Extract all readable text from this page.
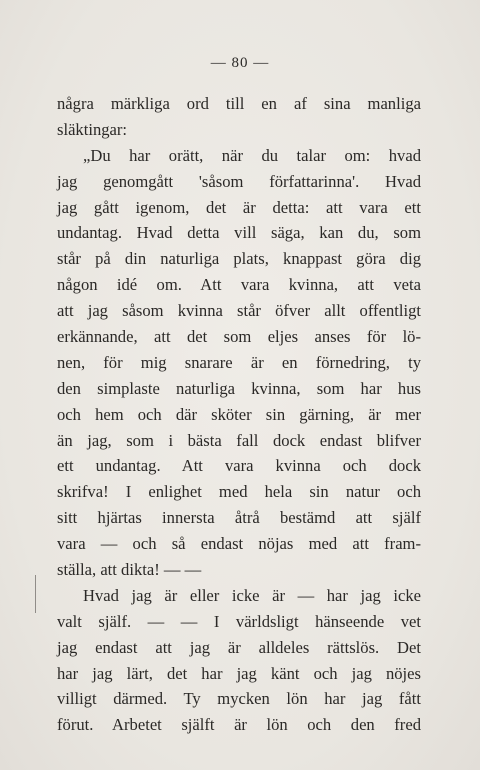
— 80 —
några märkliga ord till en af sina manliga
släktingar:
„Du har orätt, när du talar om: hvad
jag genomgått 'såsom författarinna'. Hvad
jag gått igenom, det är detta: att vara ett
undantag. Hvad detta vill säga, kan du, som
står på din naturliga plats, knappast göra dig
någon idé om. Att vara kvinna, att veta
att jag såsom kvinna står öfver allt offentligt
erkännande, att det som eljes anses för lö-
nen, för mig snarare är en förnedring, ty
den simplaste naturliga kvinna, som har hus
och hem och där sköter sin gärning, är mer
än jag, som i bästa fall dock endast blifver
ett undantag. Att vara kvinna och dock
skrifva! I enlighet med hela sin natur och
sitt hjärtas innersta åtrå bestämd att själf
vara — och så endast nöjas med att fram-
ställa, att dikta! — —
Hvad jag är eller icke är — har jag icke
valt själf. — — I världsligt hänseende vet
jag endast att jag är alldeles rättslös. Det
har jag lärt, det har jag känt och jag nöjes
villigt därmed. Ty mycken lön har jag fått
förut. Arbetet själft är lön och den fred
